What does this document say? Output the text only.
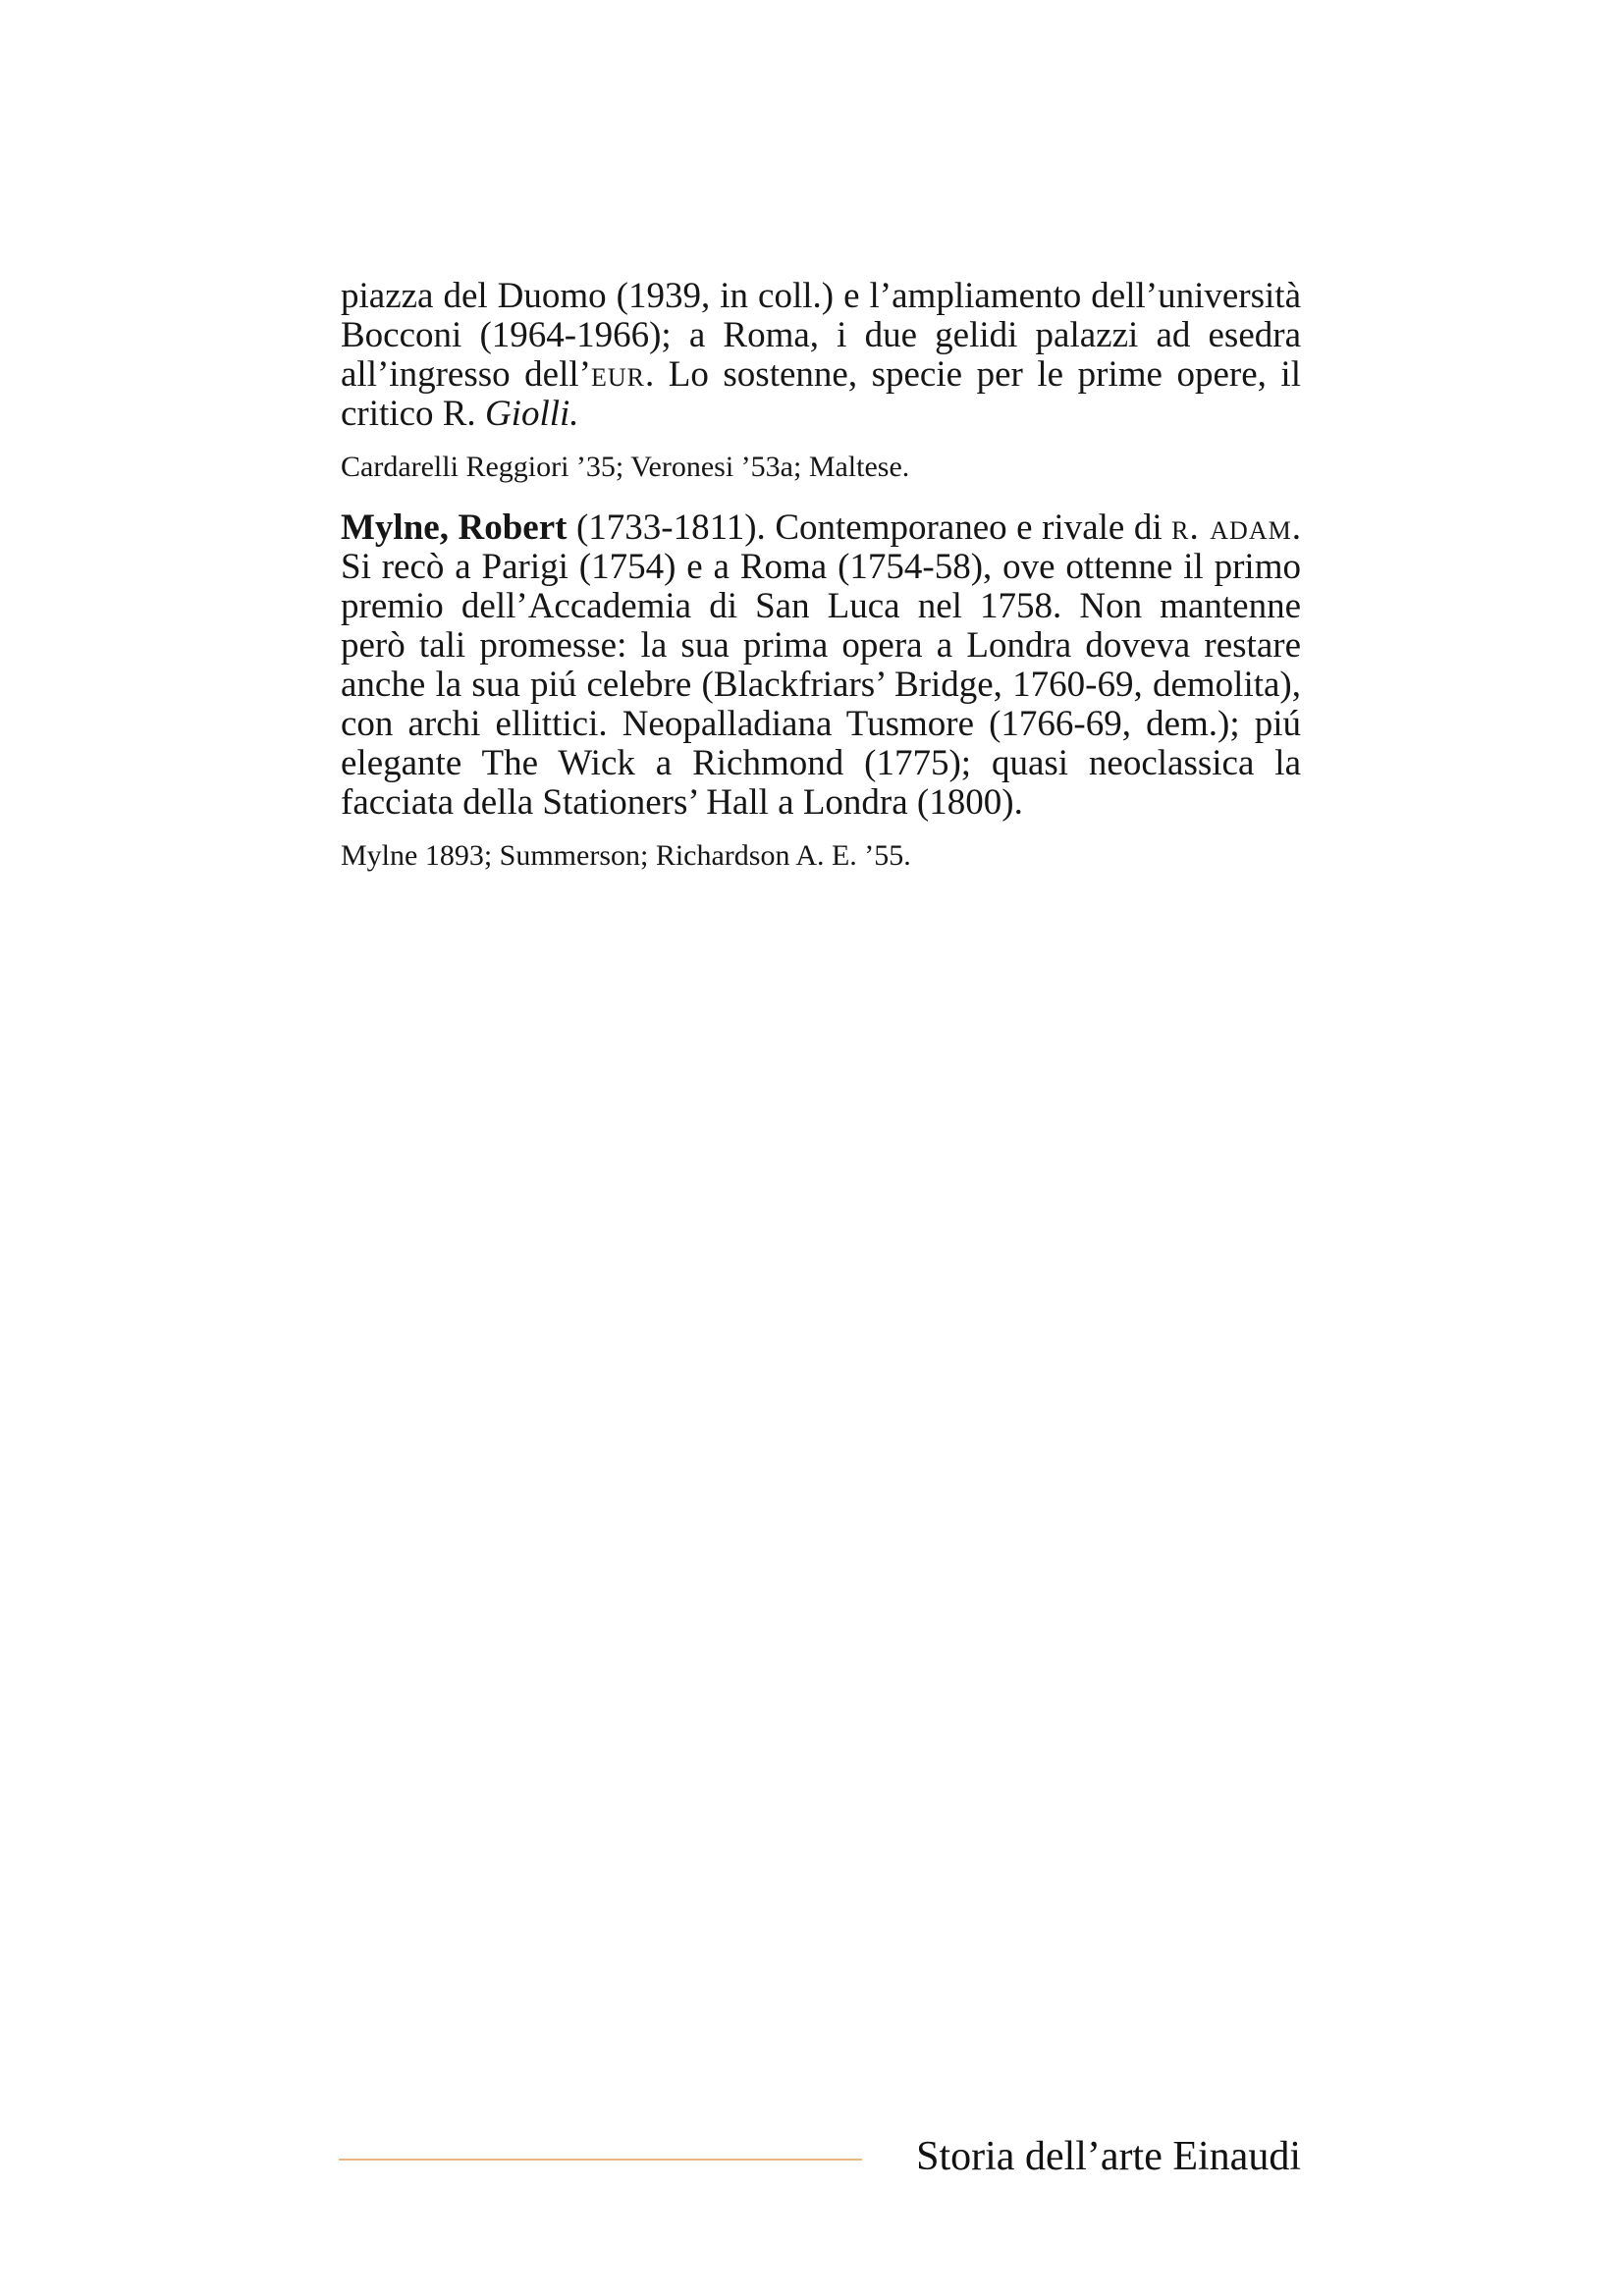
piazza del Duomo (1939, in coll.) e l’ampliamento dell’università Bocconi (1964-1966); a Roma, i due gelidi palazzi ad esedra all’ingresso dell’eur. Lo sostenne, specie per le prime opere, il critico R. Giolli.

Cardarelli Reggiori ’35; Veronesi ’53a; Maltese.

Mylne, Robert (1733-1811). Contemporaneo e rivale di r. adam. Si recò a Parigi (1754) e a Roma (1754-58), ove ottenne il primo premio dell’Accademia di San Luca nel 1758. Non mantenne però tali promesse: la sua prima opera a Londra doveva restare anche la sua piú celebre (Blackfriars’ Bridge, 1760-69, demolita), con archi ellittici. Neopalladiana Tusmore (1766-69, dem.); piú elegante The Wick a Richmond (1775); quasi neoclassica la facciata della Stationers’ Hall a Londra (1800).

Mylne 1893; Summerson; Richardson A. E. ’55.

Storia dell’arte Einaudi
